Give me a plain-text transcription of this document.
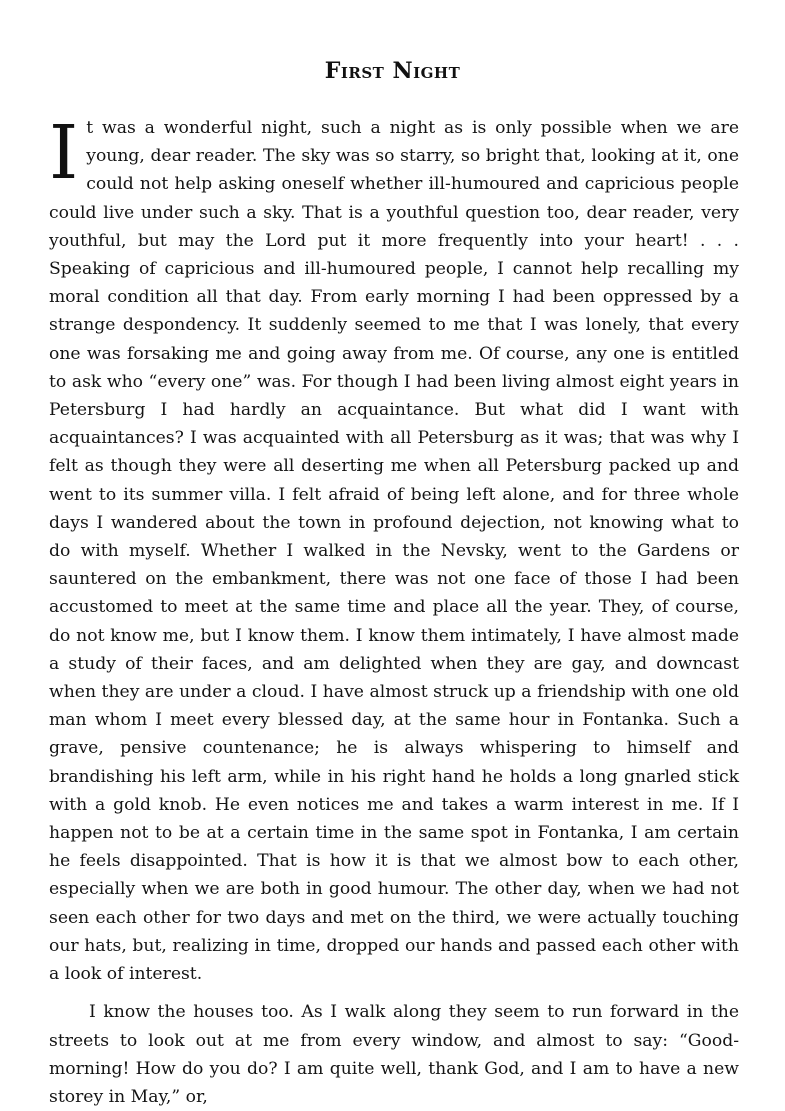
First Night

It was a wonderful night, such a night as is only possible when we are young, dear reader. The sky was so starry, so bright that, looking at it, one could not help asking oneself whether ill-humoured and capricious people could live under such a sky. That is a youthful question too, dear reader, very youthful, but may the Lord put it more frequently into your heart! . . . Speaking of capricious and ill-humoured people, I cannot help recalling my moral condition all that day. From early morning I had been oppressed by a strange despondency. It suddenly seemed to me that I was lonely, that every one was forsaking me and going away from me. Of course, any one is entitled to ask who “every one” was. For though I had been living almost eight years in Petersburg I had hardly an acquaintance. But what did I want with acquaintances? I was acquainted with all Petersburg as it was; that was why I felt as though they were all deserting me when all Petersburg packed up and went to its summer villa. I felt afraid of being left alone, and for three whole days I wandered about the town in profound dejection, not knowing what to do with myself. Whether I walked in the Nevsky, went to the Gardens or sauntered on the embankment, there was not one face of those I had been accustomed to meet at the same time and place all the year. They, of course, do not know me, but I know them. I know them intimately, I have almost made a study of their faces, and am delighted when they are gay, and downcast when they are under a cloud. I have almost struck up a friendship with one old man whom I meet every blessed day, at the same hour in Fontanka. Such a grave, pensive countenance; he is always whispering to himself and brandishing his left arm, while in his right hand he holds a long gnarled stick with a gold knob. He even notices me and takes a warm interest in me. If I happen not to be at a certain time in the same spot in Fontanka, I am certain he feels disappointed. That is how it is that we almost bow to each other, especially when we are both in good humour. The other day, when we had not seen each other for two days and met on the third, we were actually touching our hats, but, realizing in time, dropped our hands and passed each other with a look of interest.

I know the houses too. As I walk along they seem to run forward in the streets to look out at me from every window, and almost to say: “Good-morning! How do you do? I am quite well, thank God, and I am to have a new storey in May,” or,
